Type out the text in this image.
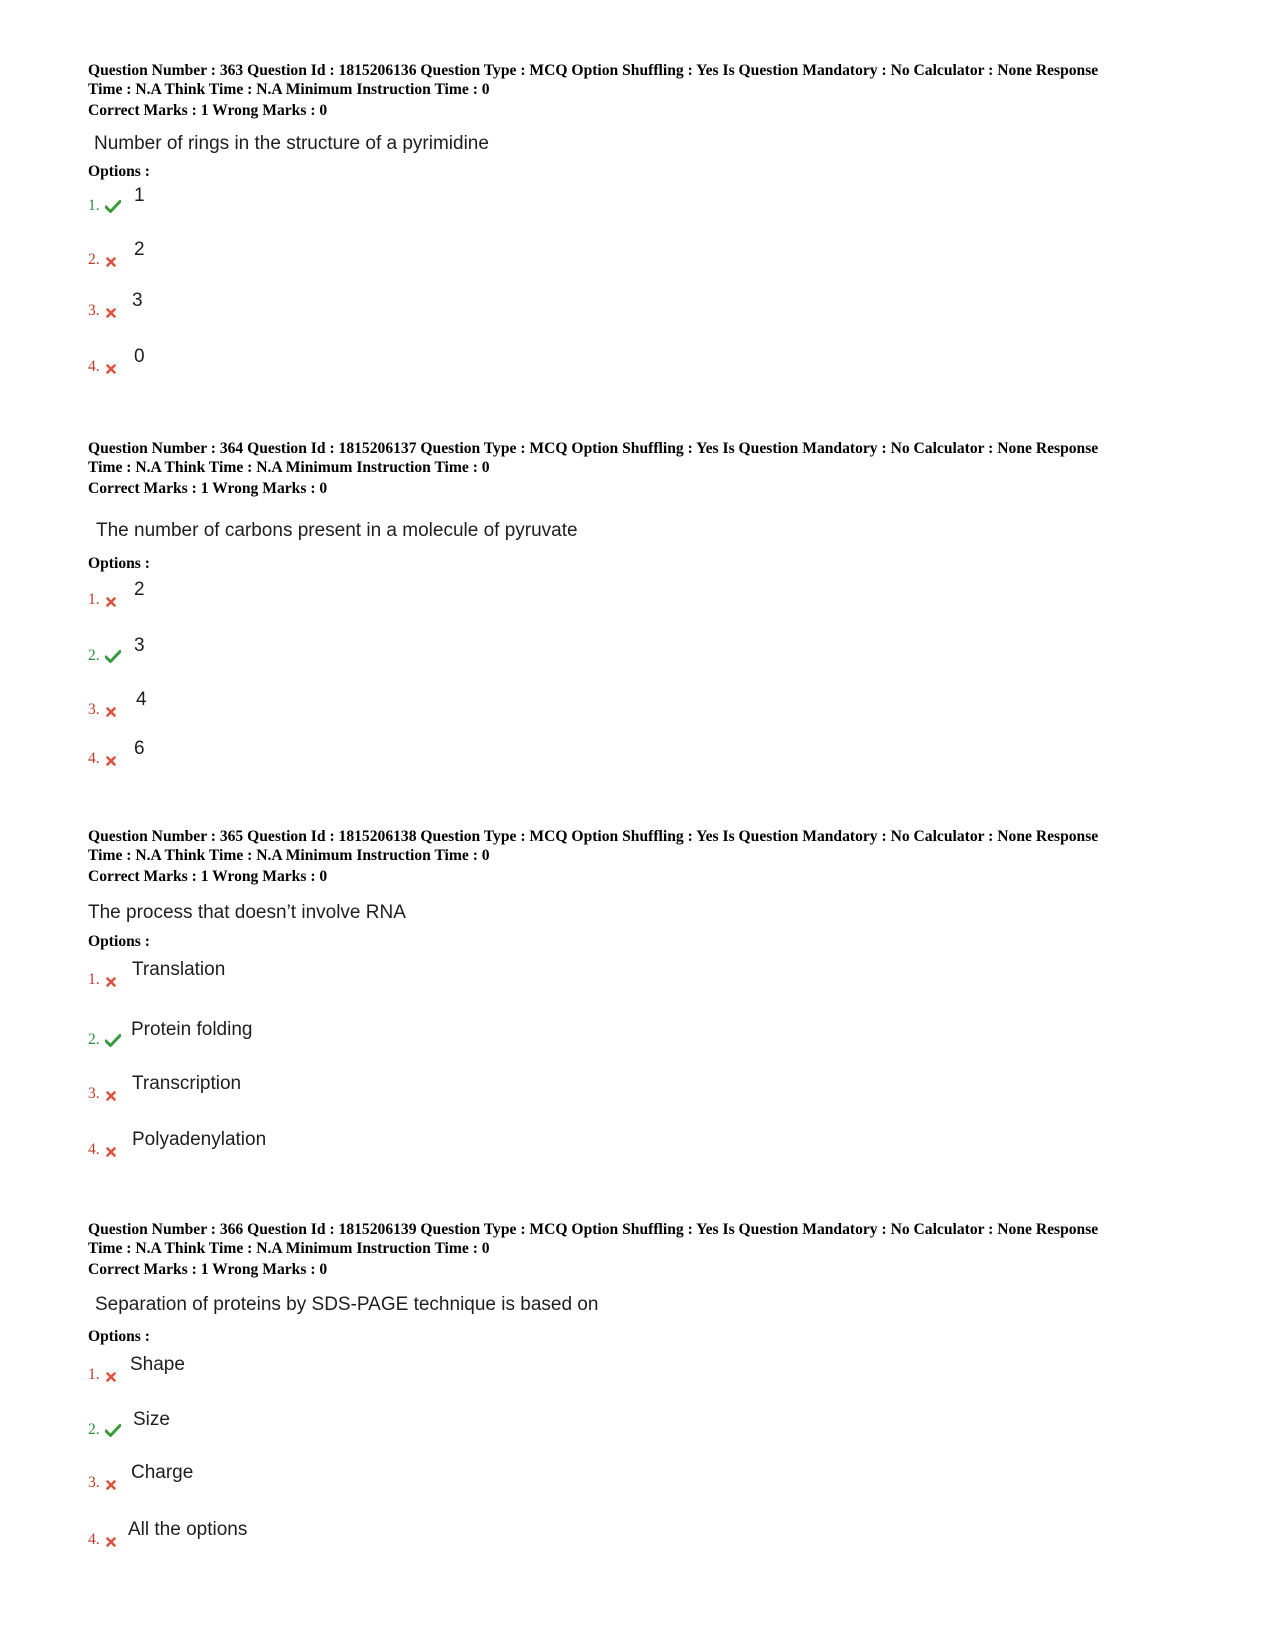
Question Number : 363 Question Id : 1815206136 Question Type : MCQ Option Shuffling : Yes Is Question Mandatory : No Calculator : None Response
Time : N.A Think Time : N.A Minimum Instruction Time : 0
Correct Marks : 1 Wrong Marks : 0
Number of rings in the structure of a pyrimidine
Options :
1. 1
2. 2
3. 3
4. 0
Question Number : 364 Question Id : 1815206137 Question Type : MCQ Option Shuffling : Yes Is Question Mandatory : No Calculator : None Response
Time : N.A Think Time : N.A Minimum Instruction Time : 0
Correct Marks : 1 Wrong Marks : 0
The number of carbons present in a molecule of pyruvate
Options :
1. 2
2. 3
3. 4
4. 6
Question Number : 365 Question Id : 1815206138 Question Type : MCQ Option Shuffling : Yes Is Question Mandatory : No Calculator : None Response
Time : N.A Think Time : N.A Minimum Instruction Time : 0
Correct Marks : 1 Wrong Marks : 0
The process that doesn’t involve RNA
Options :
1. Translation
2. Protein folding
3. Transcription
4. Polyadenylation
Question Number : 366 Question Id : 1815206139 Question Type : MCQ Option Shuffling : Yes Is Question Mandatory : No Calculator : None Response
Time : N.A Think Time : N.A Minimum Instruction Time : 0
Correct Marks : 1 Wrong Marks : 0
Separation of proteins by SDS-PAGE technique is based on
Options :
1. Shape
2. Size
3. Charge
4. All the options
